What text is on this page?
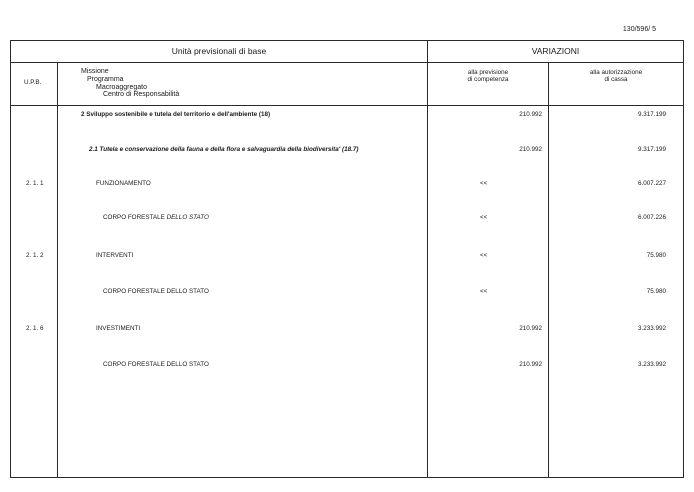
130/596/ 5
Unità previsionali di base	VARIAZIONI
U.P.B.
Missione
Programma
Macroaggregato
Centro di Responsabilità
alla previsione
di competenza
alla autorizzazione
di cassa
2 Sviluppo sostenibile e tutela del territorio e dell'ambiente (18)	210.992	9.317.199
2.1 Tutela e conservazione della fauna e della flora e salvaguardia della biodiversita' (18.7)	210.992	9.317.199
2. 1. 1	FUNZIONAMENTO	<<	6.007.227
CORPO FORESTALE DELLO STATO	<<	6.007.226
2. 1. 2	INTERVENTI	<<	75.980
CORPO FORESTALE DELLO STATO	<<	75.980
2. 1. 6	INVESTIMENTI	210.992	3.233.992
CORPO FORESTALE DELLO STATO	210.992	3.233.992
